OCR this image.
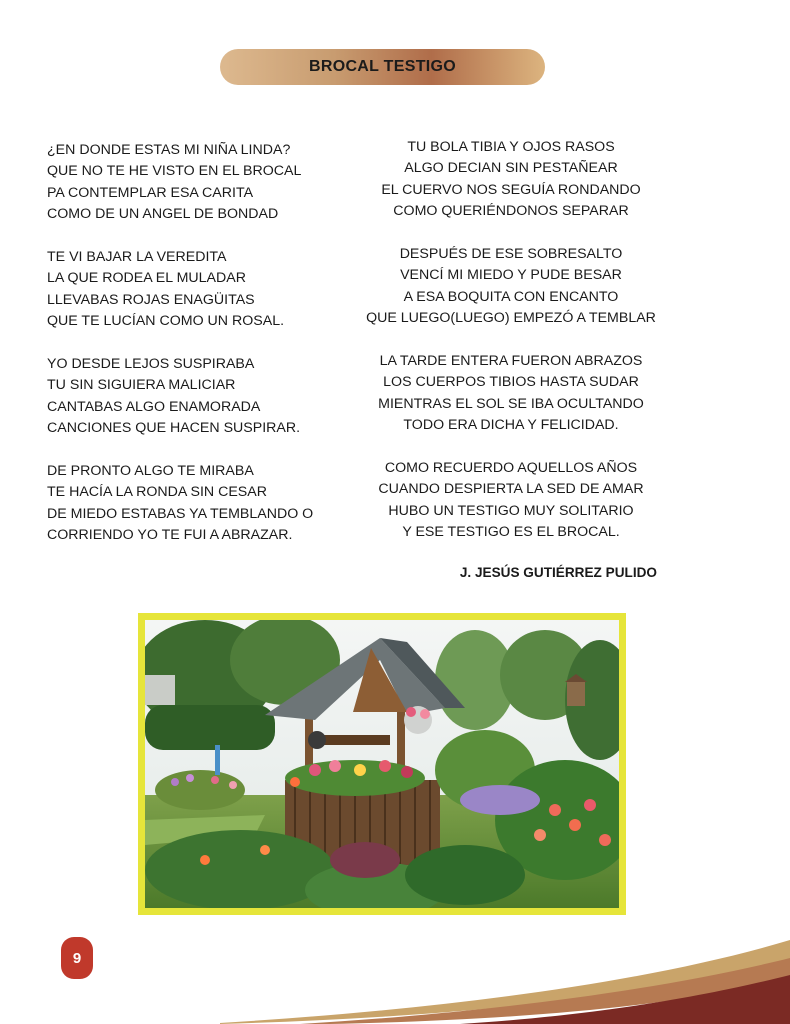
BROCAL TESTIGO
¿EN DONDE ESTAS MI NIÑA LINDA?
QUE NO TE HE VISTO EN EL BROCAL
PA CONTEMPLAR ESA CARITA
COMO DE UN ANGEL DE BONDAD
TE VI BAJAR LA VEREDITA
LA QUE RODEA EL MULADAR
LLEVABAS ROJAS ENAGÜITAS
QUE TE LUCÍAN COMO UN ROSAL.
YO DESDE LEJOS SUSPIRABA
TU SIN SIGUIERA MALICIAR
CANTABAS ALGO ENAMORADA
CANCIONES QUE HACEN SUSPIRAR.
DE PRONTO ALGO TE MIRABA
TE HACÍA LA RONDA SIN CESAR
DE MIEDO ESTABAS YA TEMBLANDO O
CORRIENDO YO TE FUI A ABRAZAR.
TU BOLA TIBIA Y OJOS RASOS
ALGO DECIAN SIN PESTAÑEAR
EL CUERVO NOS SEGUÍA RONDANDO
COMO QUERIÉNDONOS SEPARAR
DESPUÉS DE ESE SOBRESALTO
VENCÍ MI MIEDO Y PUDE BESAR
A ESA BOQUITA CON ENCANTO
QUE LUEGO(LUEGO) EMPEZÓ A TEMBLAR
LA TARDE ENTERA FUERON ABRAZOS
LOS CUERPOS TIBIOS HASTA SUDAR
MIENTRAS EL SOL SE IBA OCULTANDO
TODO ERA DICHA Y FELICIDAD.
COMO RECUERDO AQUELLOS AÑOS
CUANDO DESPIERTA LA SED DE AMAR
HUBO UN TESTIGO MUY SOLITARIO
Y ESE TESTIGO ES EL BROCAL.
J. JESÚS GUTIÉRREZ PULIDO
9
